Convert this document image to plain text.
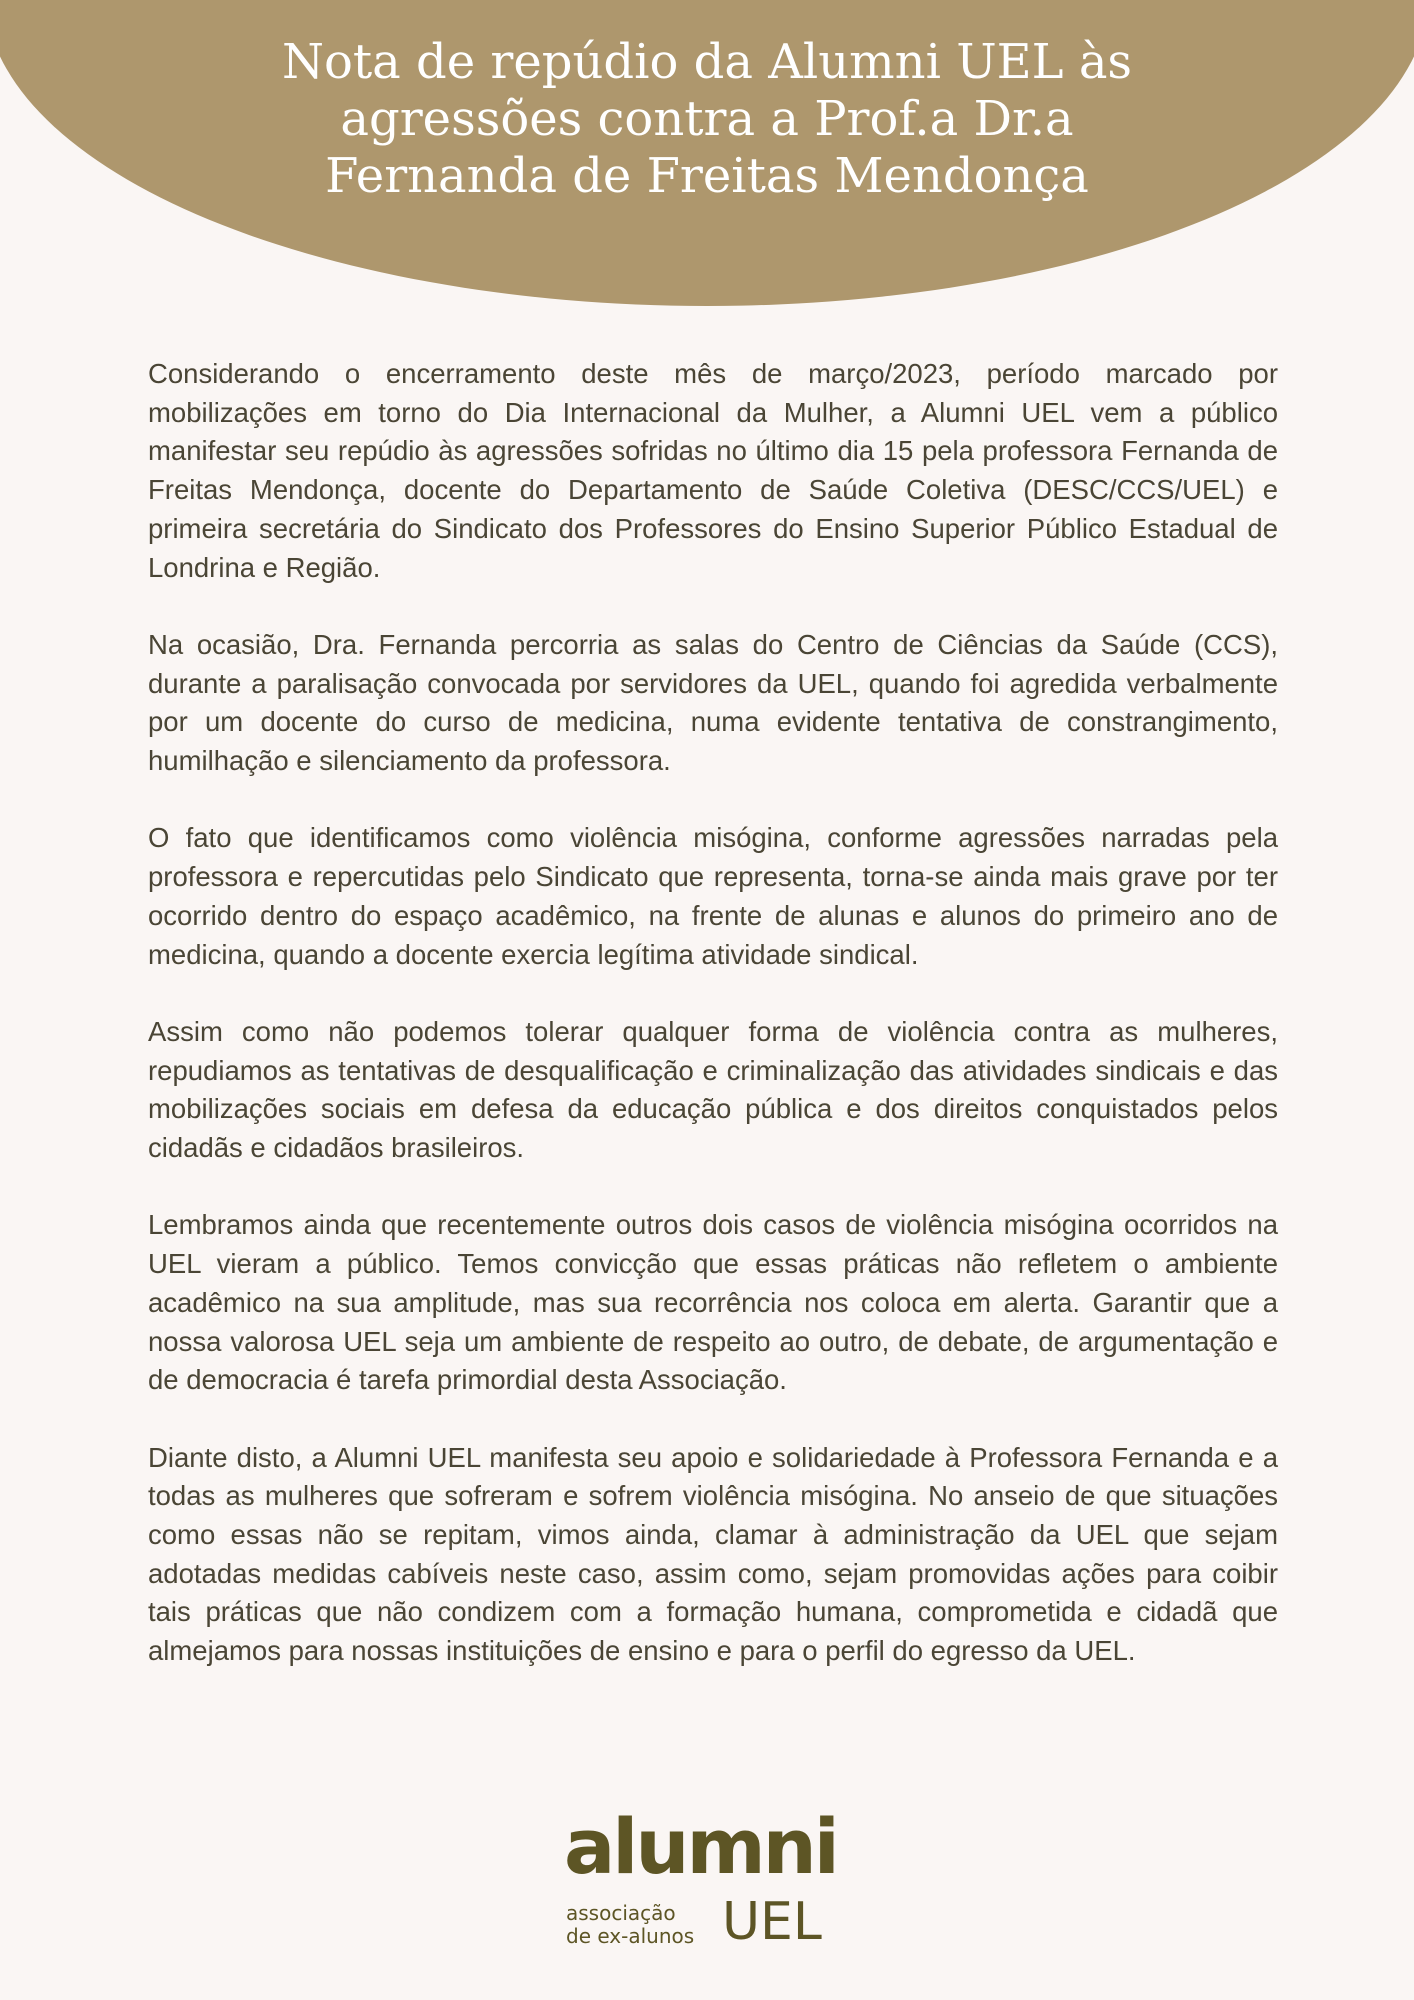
Nota de repúdio da Alumni UEL às
agressões contra a Prof.a Dr.a
Fernanda de Freitas Mendonça

Considerando o encerramento deste mês de março/2023, período marcado por mobilizações em torno do Dia Internacional da Mulher, a Alumni UEL vem a público manifestar seu repúdio às agressões sofridas no último dia 15 pela professora Fernanda de Freitas Mendonça, docente do Departamento de Saúde Coletiva (DESC/CCS/UEL) e primeira secretária do Sindicato dos Professores do Ensino Superior Público Estadual de Londrina e Região.

Na ocasião, Dra. Fernanda percorria as salas do Centro de Ciências da Saúde (CCS), durante a paralisação convocada por servidores da UEL, quando foi agredida verbalmente por um docente do curso de medicina, numa evidente tentativa de constrangimento, humilhação e silenciamento da professora.

O fato que identificamos como violência misógina, conforme agressões narradas pela professora e repercutidas pelo Sindicato que representa, torna-se ainda mais grave por ter ocorrido dentro do espaço acadêmico, na frente de alunas e alunos do primeiro ano de medicina, quando a docente exercia legítima atividade sindical.

Assim como não podemos tolerar qualquer forma de violência contra as mulheres, repudiamos as tentativas de desqualificação e criminalização das atividades sindicais e das mobilizações sociais em defesa da educação pública e dos direitos conquistados pelos cidadãs e cidadãos brasileiros.

Lembramos ainda que recentemente outros dois casos de violência misógina ocorridos na UEL vieram a público. Temos convicção que essas práticas não refletem o ambiente acadêmico na sua amplitude, mas sua recorrência nos coloca em alerta. Garantir que a nossa valorosa UEL seja um ambiente de respeito ao outro, de debate, de argumentação e de democracia é tarefa primordial desta Associação.

Diante disto, a Alumni UEL manifesta seu apoio e solidariedade à Professora Fernanda e a todas as mulheres que sofreram e sofrem violência misógina. No anseio de que situações como essas não se repitam, vimos ainda, clamar à administração da UEL que sejam adotadas medidas cabíveis neste caso, assim como, sejam promovidas ações para coibir tais práticas que não condizem com a formação humana, comprometida e cidadã que almejamos para nossas instituições de ensino e para o perfil do egresso da UEL.

alumni
associação
de ex-alunos UEL
